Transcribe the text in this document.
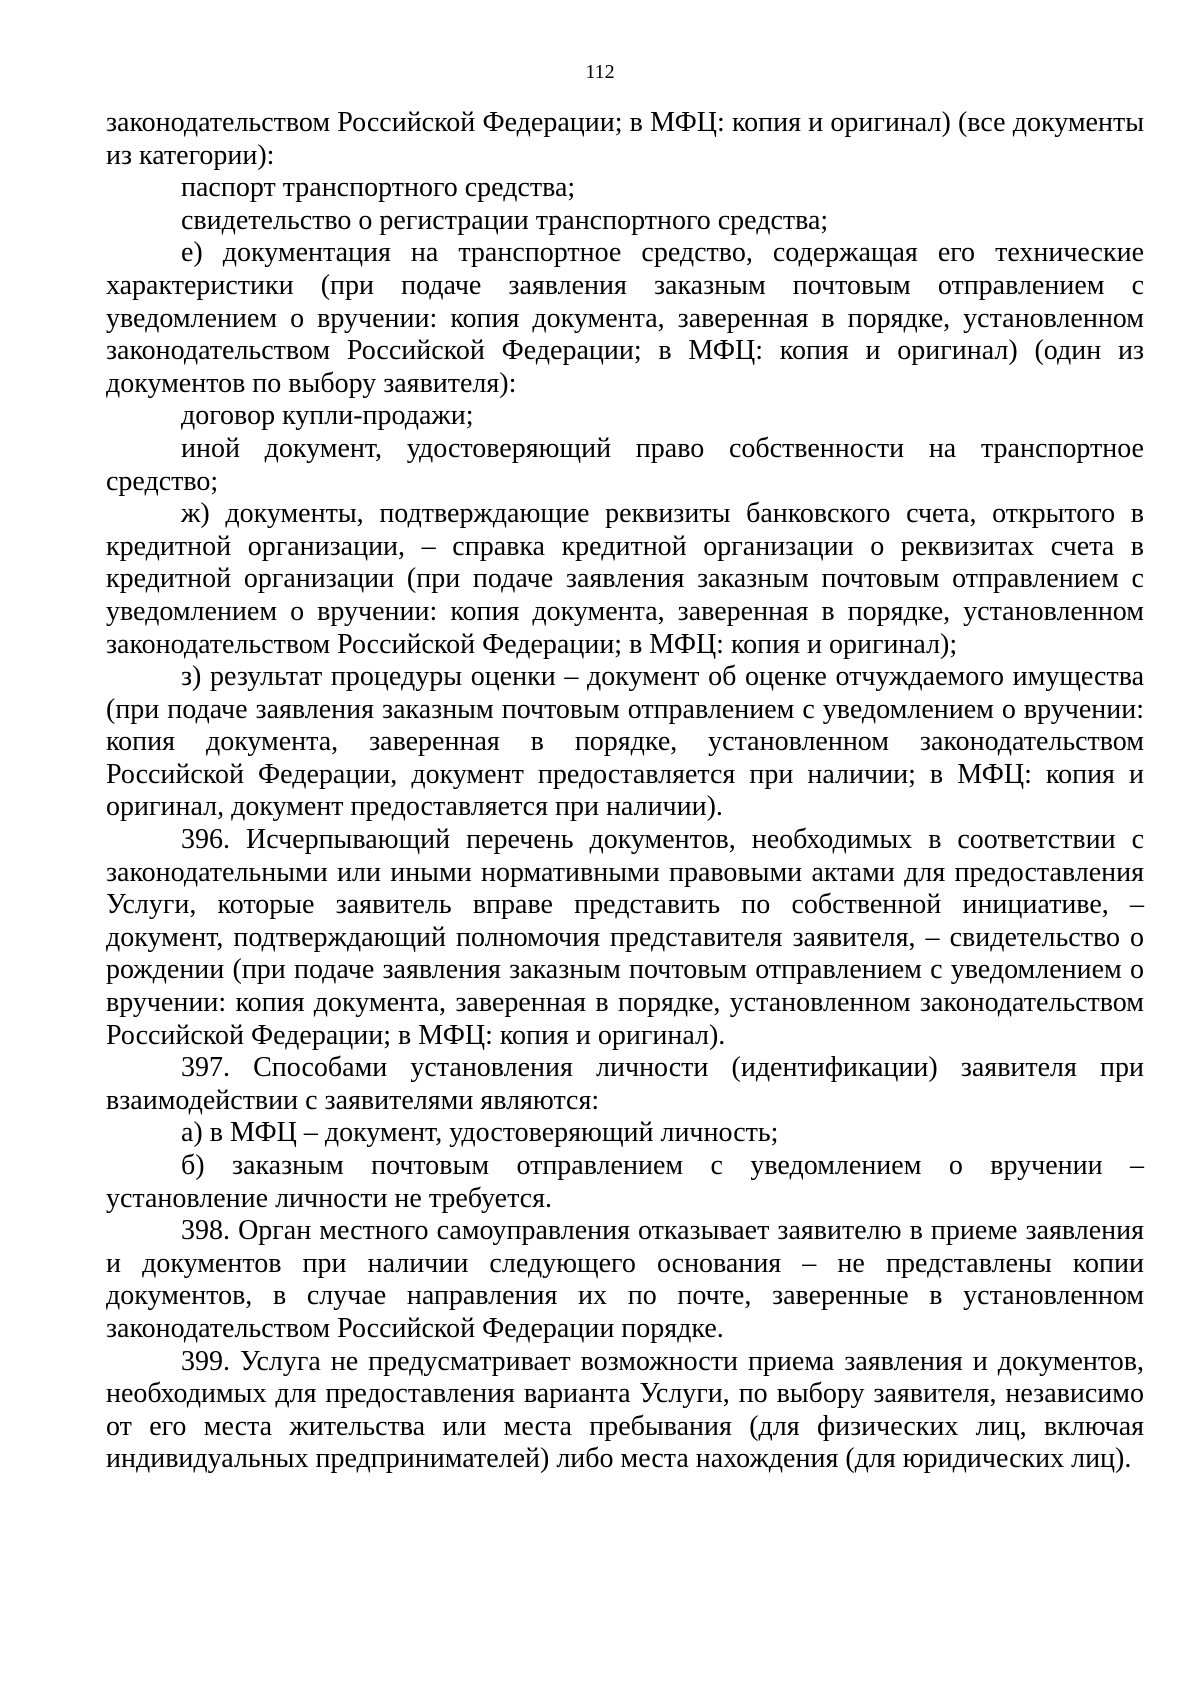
112

законодательством Российской Федерации; в МФЦ: копия и оригинал) (все документы из категории):

паспорт транспортного средства;

свидетельство о регистрации транспортного средства;

е) документация на транспортное средство, содержащая его технические характеристики (при подаче заявления заказным почтовым отправлением с уведомлением о вручении: копия документа, заверенная в порядке, установленном законодательством Российской Федерации; в МФЦ: копия и оригинал) (один из документов по выбору заявителя):

договор купли-продажи;

иной документ, удостоверяющий право собственности на транспортное средство;

ж) документы, подтверждающие реквизиты банковского счета, открытого в кредитной организации, – справка кредитной организации о реквизитах счета в кредитной организации (при подаче заявления заказным почтовым отправлением с уведомлением о вручении: копия документа, заверенная в порядке, установленном законодательством Российской Федерации; в МФЦ: копия и оригинал);

з) результат процедуры оценки – документ об оценке отчуждаемого имущества (при подаче заявления заказным почтовым отправлением с уведомлением о вручении: копия документа, заверенная в порядке, установленном законодательством Российской Федерации, документ предоставляется при наличии; в МФЦ: копия и оригинал, документ предоставляется при наличии).

396. Исчерпывающий перечень документов, необходимых в соответствии с законодательными или иными нормативными правовыми актами для предоставления Услуги, которые заявитель вправе представить по собственной инициативе, – документ, подтверждающий полномочия представителя заявителя, – свидетельство о рождении (при подаче заявления заказным почтовым отправлением с уведомлением о вручении: копия документа, заверенная в порядке, установленном законодательством Российской Федерации; в МФЦ: копия и оригинал).

397. Способами установления личности (идентификации) заявителя при взаимодействии с заявителями являются:

а) в МФЦ – документ, удостоверяющий личность;

б) заказным почтовым отправлением с уведомлением о вручении – установление личности не требуется.

398. Орган местного самоуправления отказывает заявителю в приеме заявления и документов при наличии следующего основания – не представлены копии документов, в случае направления их по почте, заверенные в установленном законодательством Российской Федерации порядке.

399. Услуга не предусматривает возможности приема заявления и документов, необходимых для предоставления варианта Услуги, по выбору заявителя, независимо от его места жительства или места пребывания (для физических лиц, включая индивидуальных предпринимателей) либо места нахождения (для юридических лиц).
